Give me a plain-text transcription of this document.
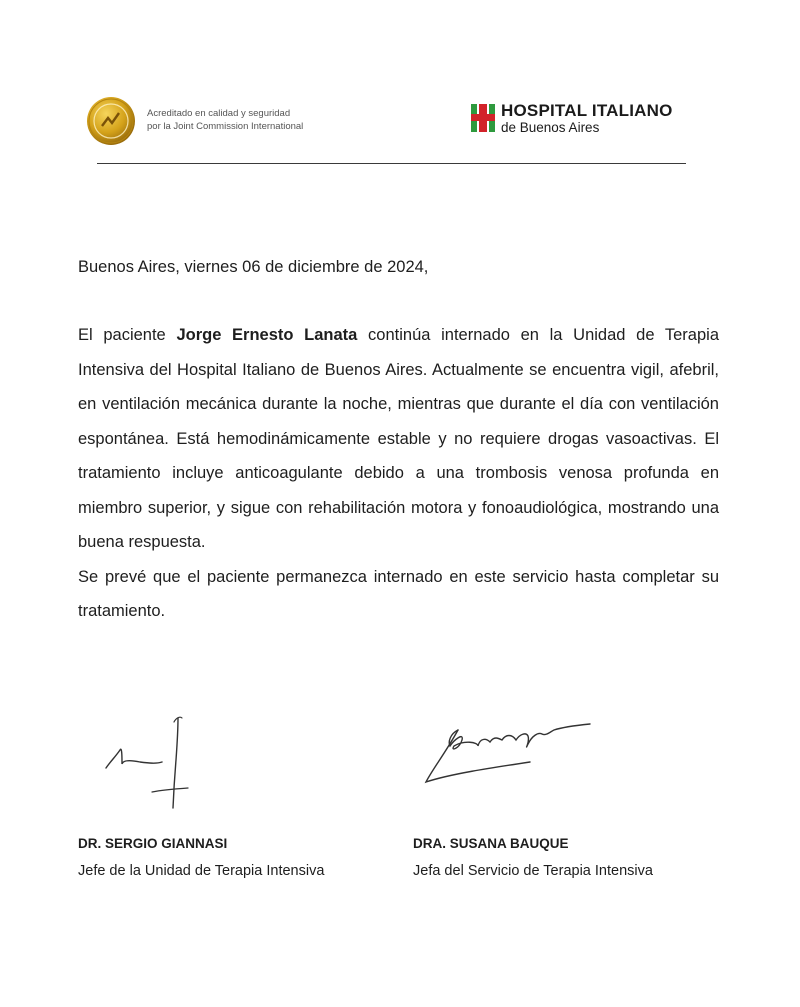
Acreditado en calidad y seguridad
por la Joint Commission International
HOSPITAL ITALIANO
de Buenos Aires
Buenos Aires, viernes 06 de diciembre de 2024,

El paciente Jorge Ernesto Lanata continúa internado en la Unidad de Terapia Intensiva del Hospital Italiano de Buenos Aires. Actualmente se encuentra vigil, afebril, en ventilación mecánica durante la noche, mientras que durante el día con ventilación espontánea. Está hemodinámicamente estable y no requiere drogas vasoactivas. El tratamiento incluye anticoagulante debido a una trombosis venosa profunda en miembro superior, y sigue con rehabilitación motora y fonoaudiológica, mostrando una buena respuesta.

Se prevé que el paciente permanezca internado en este servicio hasta completar su tratamiento.

DR. SERGIO GIANNASI
Jefe de la Unidad de Terapia Intensiva
DRA. SUSANA BAUQUE
Jefa del Servicio de Terapia Intensiva
